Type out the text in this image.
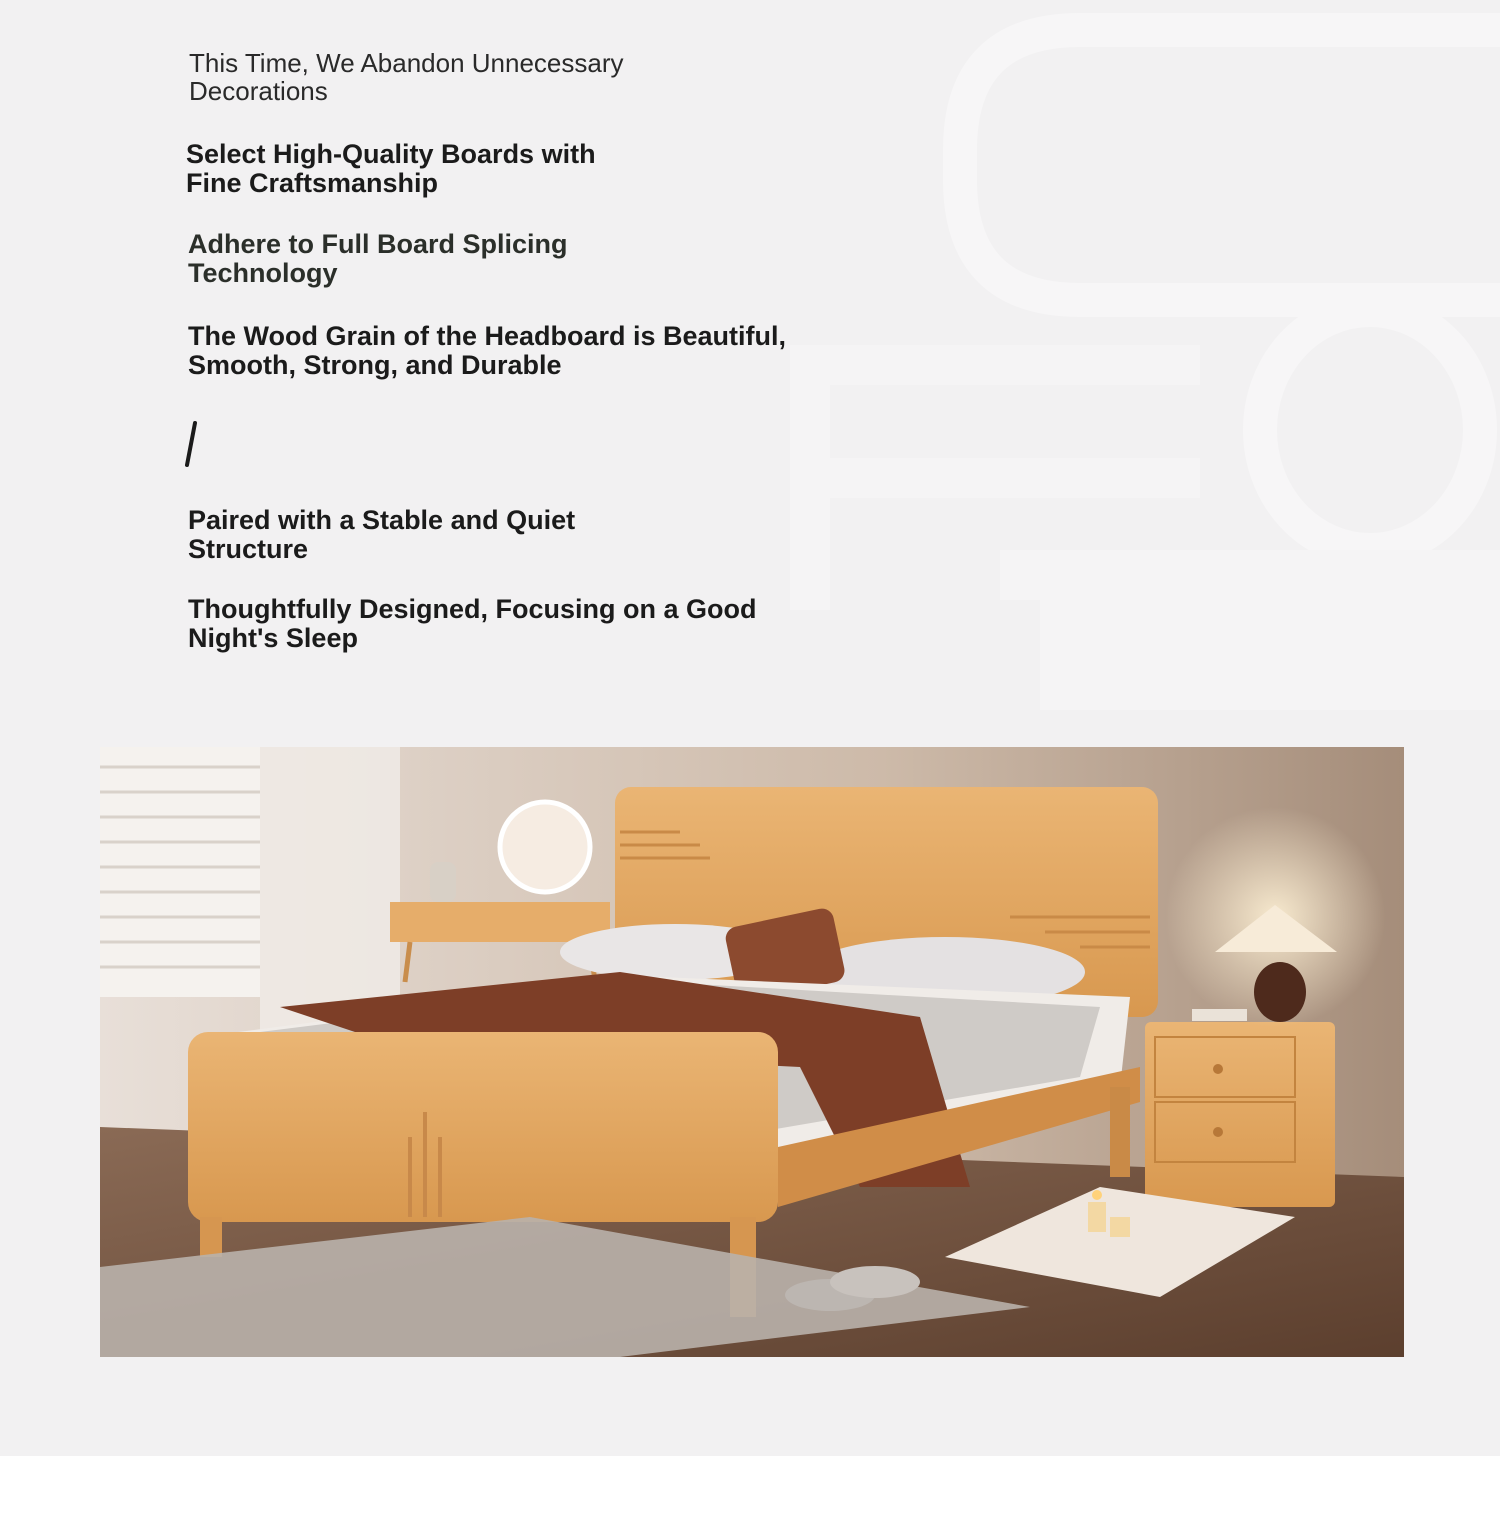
This Time, We Abandon Unnecessary
Decorations
Select High-Quality Boards with
Fine Craftsmanship
Adhere to Full Board Splicing
Technology
The Wood Grain of the Headboard is Beautiful,
Smooth, Strong, and Durable
Paired with a Stable and Quiet
Structure
Thoughtfully Designed, Focusing on a Good
Night's Sleep
